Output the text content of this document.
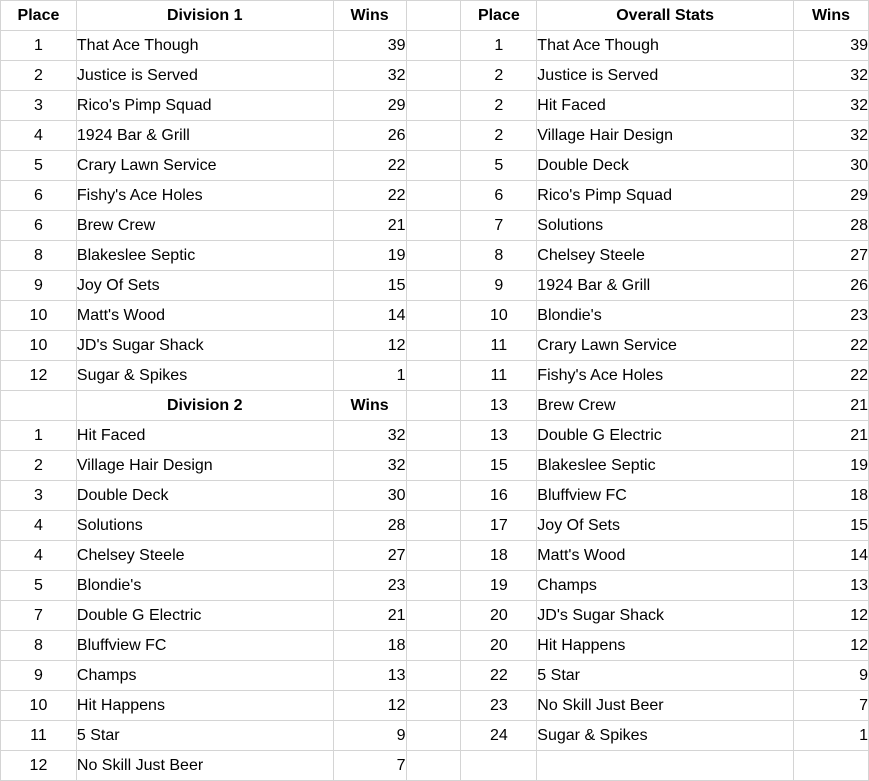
Place	Division 1	Wins		Place	Overall Stats	Wins
1	That Ace Though	39		1	That Ace Though	39
2	Justice is Served	32		2	Justice is Served	32
3	Rico's Pimp Squad	29		2	Hit Faced	32
4	1924 Bar & Grill	26		2	Village Hair Design	32
5	Crary Lawn Service	22		5	Double Deck	30
6	Fishy's Ace Holes	22		6	Rico's Pimp Squad	29
6	Brew Crew	21		7	Solutions	28
8	Blakeslee Septic	19		8	Chelsey Steele	27
9	Joy Of Sets	15		9	1924 Bar & Grill	26
10	Matt's Wood	14		10	Blondie's	23
10	JD's Sugar Shack	12		11	Crary Lawn Service	22
12	Sugar & Spikes	1		11	Fishy's Ace Holes	22
	Division 2	Wins		13	Brew Crew	21
1	Hit Faced	32		13	Double G Electric	21
2	Village Hair Design	32		15	Blakeslee Septic	19
3	Double Deck	30		16	Bluffview FC	18
4	Solutions	28		17	Joy Of Sets	15
4	Chelsey Steele	27		18	Matt's Wood	14
5	Blondie's	23		19	Champs	13
7	Double G Electric	21		20	JD's Sugar Shack	12
8	Bluffview FC	18		20	Hit Happens	12
9	Champs	13		22	5 Star	9
10	Hit Happens	12		23	No Skill Just Beer	7
11	5 Star	9		24	Sugar & Spikes	1
12	No Skill Just Beer	7				
